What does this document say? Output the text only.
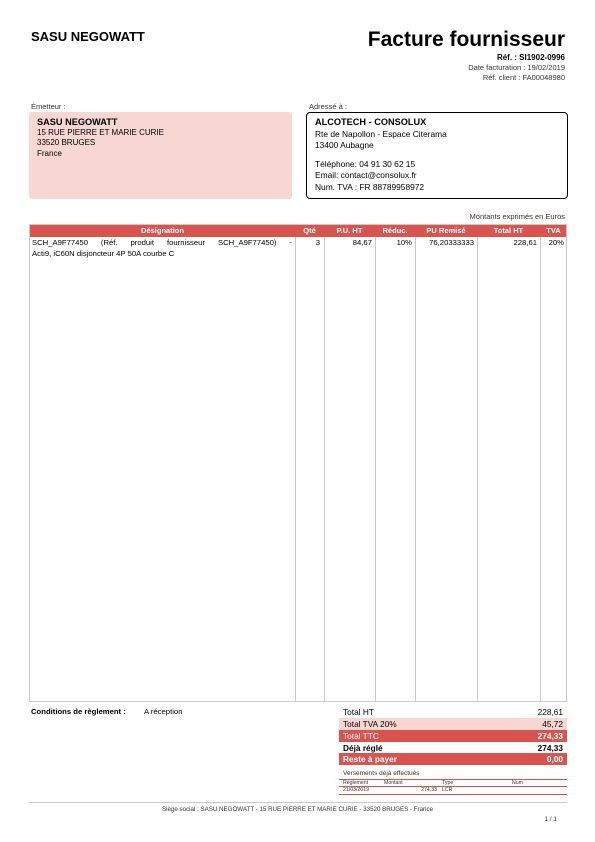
SASU NEGOWATT	Facture fournisseur
Réf. : SI1902-0996
Date facturation : 19/02/2019
Réf. client : FA00048980
Émetteur :
SASU NEGOWATT
15 RUE PIERRE ET MARIE CURIE
33520 BRUGES
France
Adressé à :
ALCOTECH - CONSOLUX
Rte de Napollon - Espace Citerama
13400 Aubagne
Téléphone: 04 91 30 62 15
Email: contact@consolux.fr
Num. TVA : FR 88789958972
Montants exprimés en Euros
Désignation	Qté	P.U. HT	Réduc.	PU Remisé	Total HT	TVA
SCH_A9F77450 (Réf. produit fournisseur SCH_A9F77450) -
Acti9, iC60N disjoncteur 4P 50A courbe C
3	84,67	10%	76,20333333	228,61	20%
Conditions de règlement : A réception	Total HT	228,61
Total TVA 20%	45,72
Total TTC	274,33
Déjà réglé	274,33
Reste à payer	0,00
Versements déjà effectués
Règlement	Montant	Type	Num
21/03/2019	274,33 LCR
Siège social : SASU NEGOWATT - 15 RUE PIERRE ET MARIE CURIE - 33520 BRUGES - France
1 / 1
